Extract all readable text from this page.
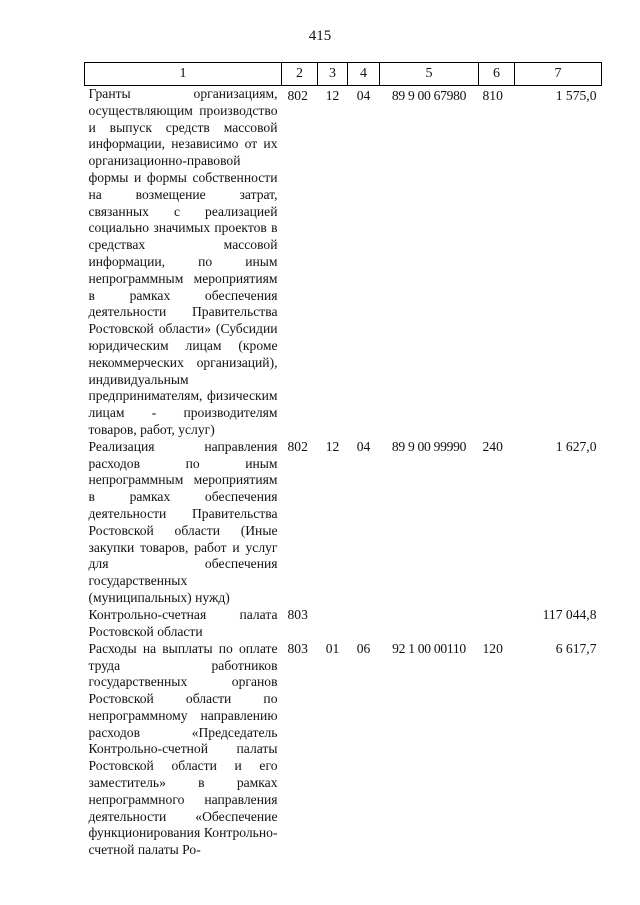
415
1	2	3	4	5	6	7
Гранты организациям, осуществляющим производство и выпуск средств массовой информации, независимо от их организационно-правовой формы и формы собственности на возмещение затрат, связанных с реализацией социально значимых проектов в средствах массовой информации, по иным непрограммным мероприятиям в рамках обеспечения деятельности Правительства Ростовской области» (Субсидии юридическим лицам (кроме некоммерческих организаций), индивидуальным предпринимателям, физическим лицам - производителям товаров, работ, услуг)	802	12	04	89 9 00 67980	810	1 575,0
Реализация направления расходов по иным непрограммным мероприятиям в рамках обеспечения деятельности Правительства Ростовской области (Иные закупки товаров, работ и услуг для обеспечения государственных (муниципальных) нужд)	802	12	04	89 9 00 99990	240	1 627,0
Контрольно-счетная палата Ростовской области	803					117 044,8
Расходы на выплаты по оплате труда работников государственных органов Ростовской области по непрограммному направлению расходов «Председатель Контрольно-счетной палаты Ростовской области и его заместитель» в рамках непрограммного направления деятельности «Обеспечение функционирования Контрольно-счетной палаты Ро-	803	01	06	92 1 00 00110	120	6 617,7
